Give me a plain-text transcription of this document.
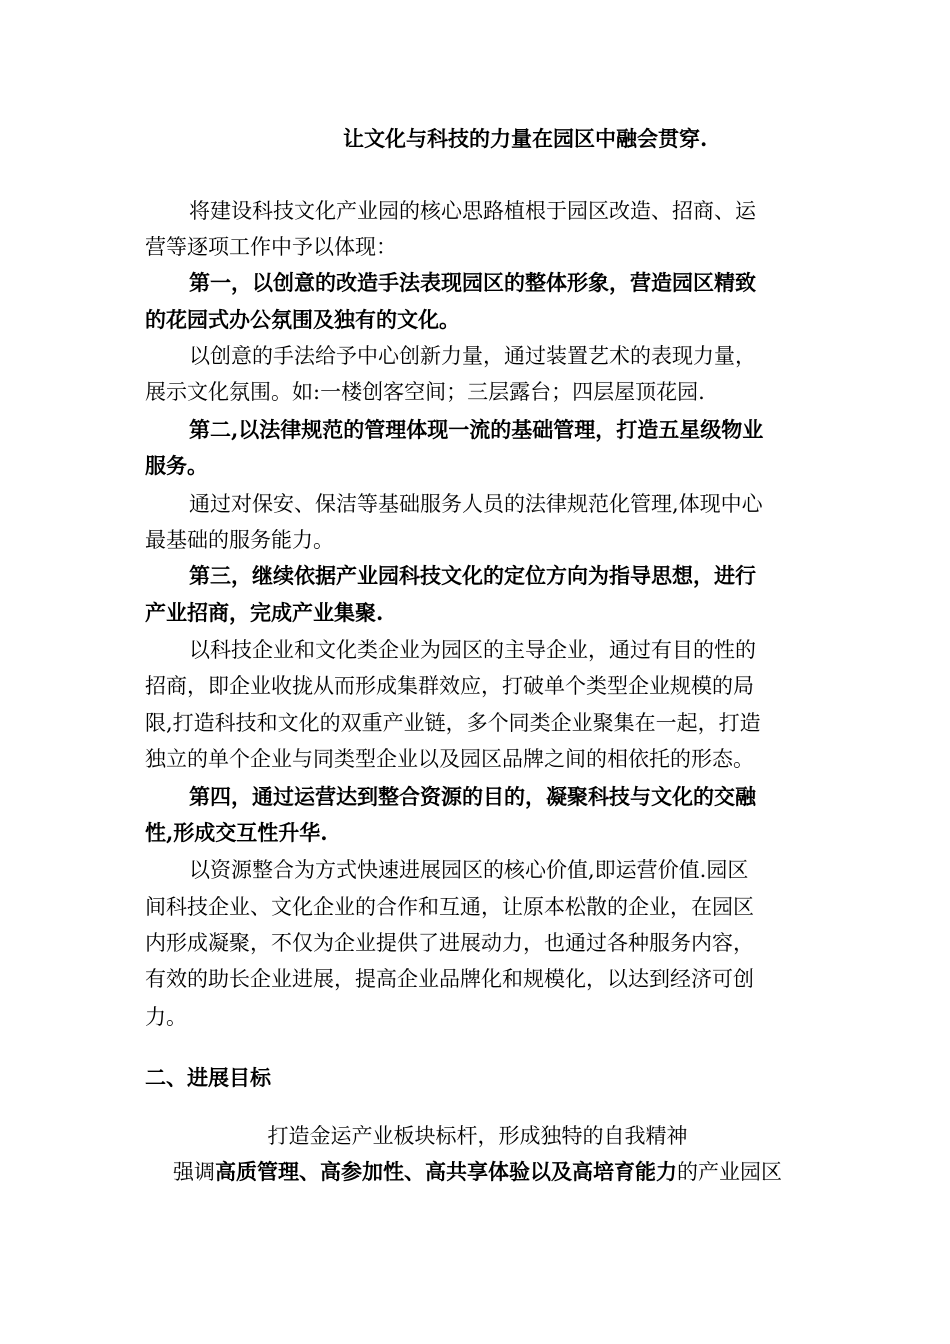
让文化与科技的力量在园区中融会贯穿.
将建设科技文化产业园的核心思路植根于园区改造、招商、运
营等逐项工作中予以体现：
第一，以创意的改造手法表现园区的整体形象，营造园区精致
的花园式办公氛围及独有的文化。
以创意的手法给予中心创新力量，通过装置艺术的表现力量，
展示文化氛围。如:一楼创客空间；三层露台；四层屋顶花园.
第二,以法律规范的管理体现一流的基础管理，打造五星级物业
服务。
通过对保安、保洁等基础服务人员的法律规范化管理,体现中心
最基础的服务能力。
第三，继续依据产业园科技文化的定位方向为指导思想，进行
产业招商，完成产业集聚.
以科技企业和文化类企业为园区的主导企业，通过有目的性的
招商，即企业收拢从而形成集群效应，打破单个类型企业规模的局
限,打造科技和文化的双重产业链，多个同类企业聚集在一起，打造
独立的单个企业与同类型企业以及园区品牌之间的相依托的形态。
第四，通过运营达到整合资源的目的，凝聚科技与文化的交融
性,形成交互性升华.
以资源整合为方式快速进展园区的核心价值,即运营价值.园区
间科技企业、文化企业的合作和互通，让原本松散的企业，在园区
内形成凝聚，不仅为企业提供了进展动力，也通过各种服务内容，
有效的助长企业进展，提高企业品牌化和规模化，以达到经济可创
力。
二、进展目标
打造金运产业板块标杆，形成独特的自我精神
强调高质管理、高参加性、高共享体验以及高培育能力的产业园区
